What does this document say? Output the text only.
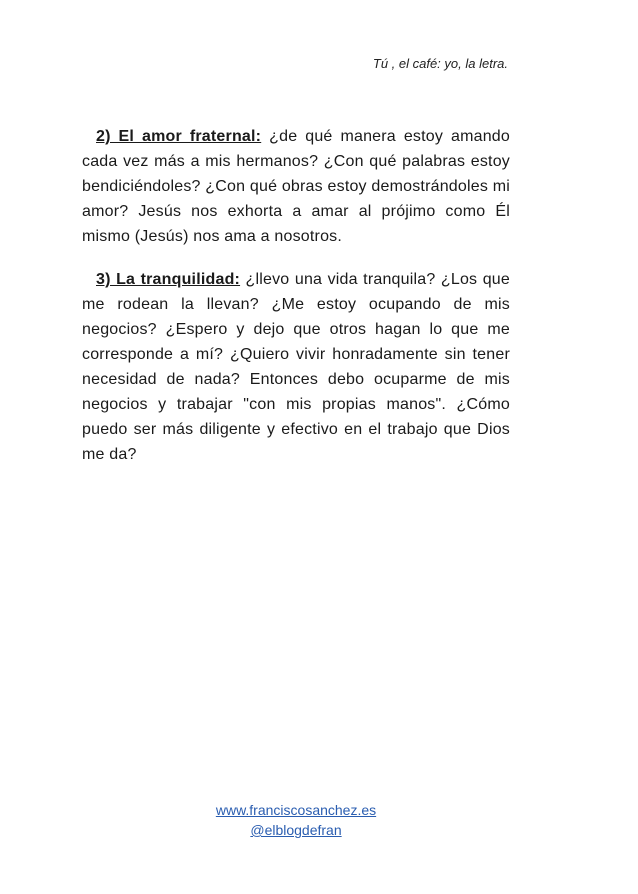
Tú , el café: yo, la letra.

2) El amor fraternal: ¿de qué manera estoy amando cada vez más a mis hermanos? ¿Con qué palabras estoy bendiciéndoles? ¿Con qué obras estoy demostrándoles mi amor? Jesús nos exhorta a amar al prójimo como Él mismo (Jesús) nos ama a nosotros.

3) La tranquilidad: ¿llevo una vida tranquila? ¿Los que me rodean la llevan? ¿Me estoy ocupando de mis negocios? ¿Espero y dejo que otros hagan lo que me corresponde a mí? ¿Quiero vivir honradamente sin tener necesidad de nada? Entonces debo ocuparme de mis negocios y trabajar "con mis propias manos". ¿Cómo puedo ser más diligente y efectivo en el trabajo que Dios me da?

www.franciscosanchez.es
@elblogdefran
